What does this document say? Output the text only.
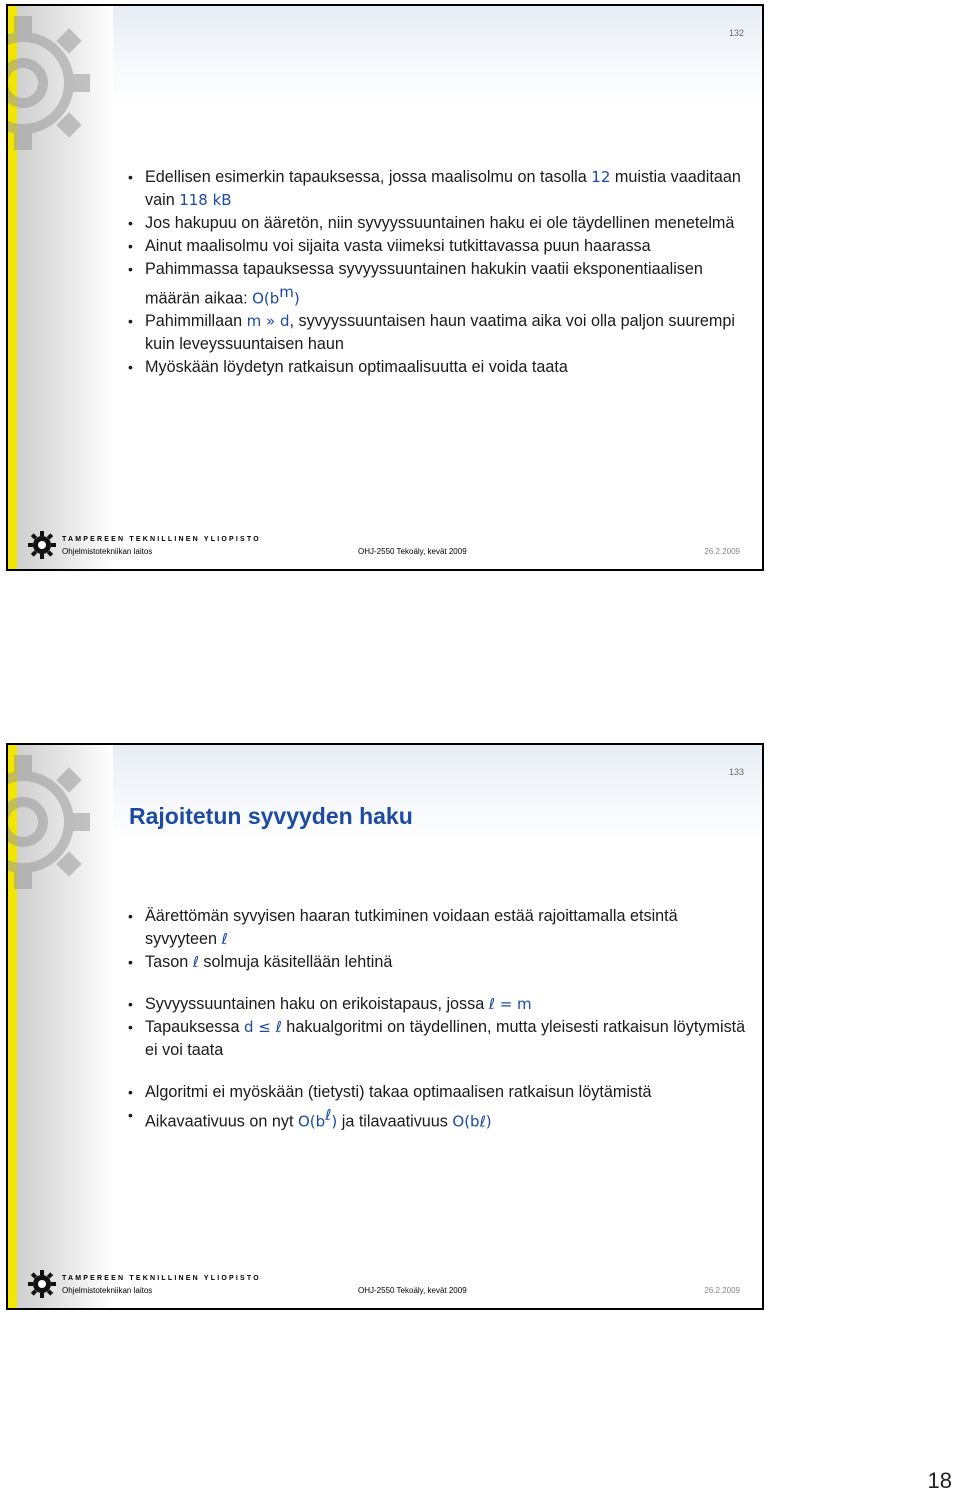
132
• Edellisen esimerkin tapauksessa, jossa maalisolmu on tasolla 12 muistia vaaditaan vain 118 kB
• Jos hakupuu on ääretön, niin syvyyssuuntainen haku ei ole täydellinen menetelmä
• Ainut maalisolmu voi sijaita vasta viimeksi tutkittavassa puun haarassa
• Pahimmassa tapauksessa syvyyssuuntainen hakukin vaatii eksponentiaalisen määrän aikaa: $O(b^m)$
• Pahimmillaan m » d, syvyyssuuntaisen haun vaatima aika voi olla paljon suurempi kuin leveyssuuntaisen haun
• Myöskään löydetyn ratkaisun optimaalisuutta ei voida taata
TAMPEREEN TEKNILLINEN YLIOPISTO
Ohjelmistotekniikan laitos	OHJ-2550 Tekoäly, kevät 2009	26.2.2009
133
Rajoitetun syvyyden haku
• Äärettömän syvyisen haaran tutkiminen voidaan estää rajoittamalla etsintä syvyyteen ℓ
• Tason ℓ solmuja käsitellään lehtinä
• Syvyyssuuntainen haku on erikoistapaus, jossa ℓ = m
• Tapauksessa d ≤ ℓ hakualgoritmi on täydellinen, mutta yleisesti ratkaisun löytymistä ei voi taata
• Algoritmi ei myöskään (tietysti) takaa optimaalisen ratkaisun löytämistä
• Aikavaativuus on nyt $O(b^\ell)$ ja tilavaativuus O(bℓ)
TAMPEREEN TEKNILLINEN YLIOPISTO
Ohjelmistotekniikan laitos	OHJ-2550 Tekoäly, kevät 2009	26.2.2009
18
